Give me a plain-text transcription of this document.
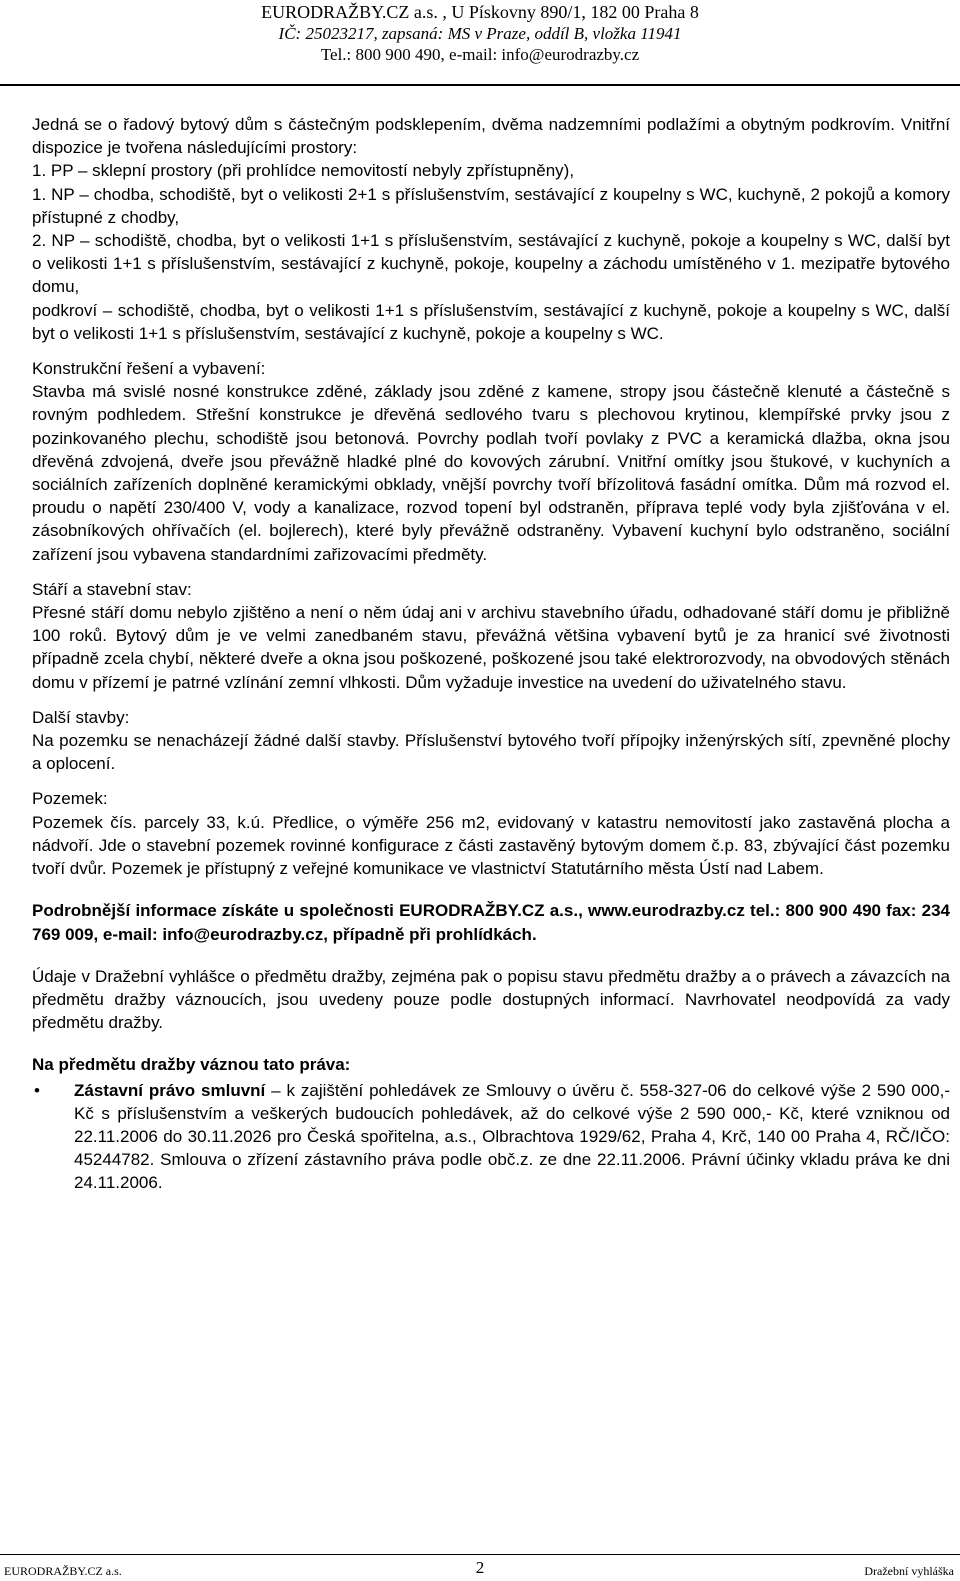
EURODRAŽBY.CZ a.s. , U Pískovny 890/1, 182 00 Praha 8
IČ: 25023217, zapsaná: MS v Praze, oddíl B, vložka 11941
Tel.: 800 900 490, e-mail: info@eurodrazby.cz

Jedná se o řadový bytový dům s částečným podsklepením, dvěma nadzemními podlažími a obytným podkrovím. Vnitřní dispozice je tvořena následujícími prostory:

1. PP – sklepní prostory (při prohlídce nemovitostí nebyly zpřístupněny),

1. NP – chodba, schodiště, byt o velikosti 2+1 s příslušenstvím, sestávající z koupelny s WC, kuchyně, 2 pokojů a komory přístupné z chodby,

2. NP – schodiště, chodba, byt o velikosti 1+1 s příslušenstvím, sestávající z kuchyně, pokoje a koupelny s WC, další byt o velikosti 1+1 s příslušenstvím, sestávající z kuchyně, pokoje, koupelny a záchodu umístěného v 1. mezipatře bytového domu,

podkroví – schodiště, chodba, byt o velikosti 1+1 s příslušenstvím, sestávající z kuchyně, pokoje a koupelny s WC, další byt o velikosti 1+1 s příslušenstvím, sestávající z kuchyně, pokoje a koupelny s WC.

Konstrukční řešení a vybavení:

Stavba má svislé nosné konstrukce zděné, základy jsou zděné z kamene, stropy jsou částečně klenuté a částečně s rovným podhledem. Střešní konstrukce je dřevěná sedlového tvaru s plechovou krytinou, klempířské prvky jsou z pozinkovaného plechu, schodiště jsou betonová. Povrchy podlah tvoří povlaky z PVC a keramická dlažba, okna jsou dřevěná zdvojená, dveře jsou převážně hladké plné do kovových zárubní. Vnitřní omítky jsou štukové, v kuchyních a sociálních zařízeních doplněné keramickými obklady, vnější povrchy tvoří břízolitová fasádní omítka. Dům má rozvod el. proudu o napětí 230/400 V, vody a kanalizace, rozvod topení byl odstraněn, příprava teplé vody byla zjišťována v el. zásobníkových ohřívačích (el. bojlerech), které byly převážně odstraněny. Vybavení kuchyní bylo odstraněno, sociální zařízení jsou vybavena standardními zařizovacími předměty.

Stáří a stavební stav:

Přesné stáří domu nebylo zjištěno a není o něm údaj ani v archivu stavebního úřadu, odhadované stáří domu je přibližně 100 roků. Bytový dům je ve velmi zanedbaném stavu, převážná většina vybavení bytů je za hranicí své životnosti případně zcela chybí, některé dveře a okna jsou poškozené, poškozené jsou také elektrorozvody, na obvodových stěnách domu v přízemí je patrné vzlínání zemní vlhkosti. Dům vyžaduje investice na uvedení do uživatelného stavu.

Další stavby:

Na pozemku se nenacházejí žádné další stavby. Příslušenství bytového tvoří přípojky inženýrských sítí, zpevněné plochy a oplocení.

Pozemek:

Pozemek čís. parcely 33, k.ú. Předlice, o výměře 256 m2, evidovaný v katastru nemovitostí jako zastavěná plocha a nádvoří. Jde o stavební pozemek rovinné konfigurace z části zastavěný bytovým domem č.p. 83, zbývající část pozemku tvoří dvůr. Pozemek je přístupný z veřejné komunikace ve vlastnictví Statutárního města Ústí nad Labem.

Podrobnější informace získáte u společnosti EURODRAŽBY.CZ a.s., www.eurodrazby.cz tel.: 800 900 490 fax: 234 769 009, e-mail: info@eurodrazby.cz, případně při prohlídkách.

Údaje v Dražební vyhlášce o předmětu dražby, zejména pak o popisu stavu předmětu dražby a o právech a závazcích na předmětu dražby váznoucích, jsou uvedeny pouze podle dostupných informací. Navrhovatel neodpovídá za vady předmětu dražby.

Na předmětu dražby váznou tato práva:

• Zástavní právo smluvní – k zajištění pohledávek ze Smlouvy o úvěru č. 558-327-06 do celkové výše 2 590 000,- Kč s příslušenstvím a veškerých budoucích pohledávek, až do celkové výše 2 590 000,- Kč, které vzniknou od 22.11.2006 do 30.11.2026 pro Česká spořitelna, a.s., Olbrachtova 1929/62, Praha 4, Krč, 140 00 Praha 4, RČ/IČO: 45244782. Smlouva o zřízení zástavního práva podle obč.z. ze dne 22.11.2006. Právní účinky vkladu práva ke dni 24.11.2006.
EURODRAŽBY.CZ a.s.	2	Dražební vyhláška
